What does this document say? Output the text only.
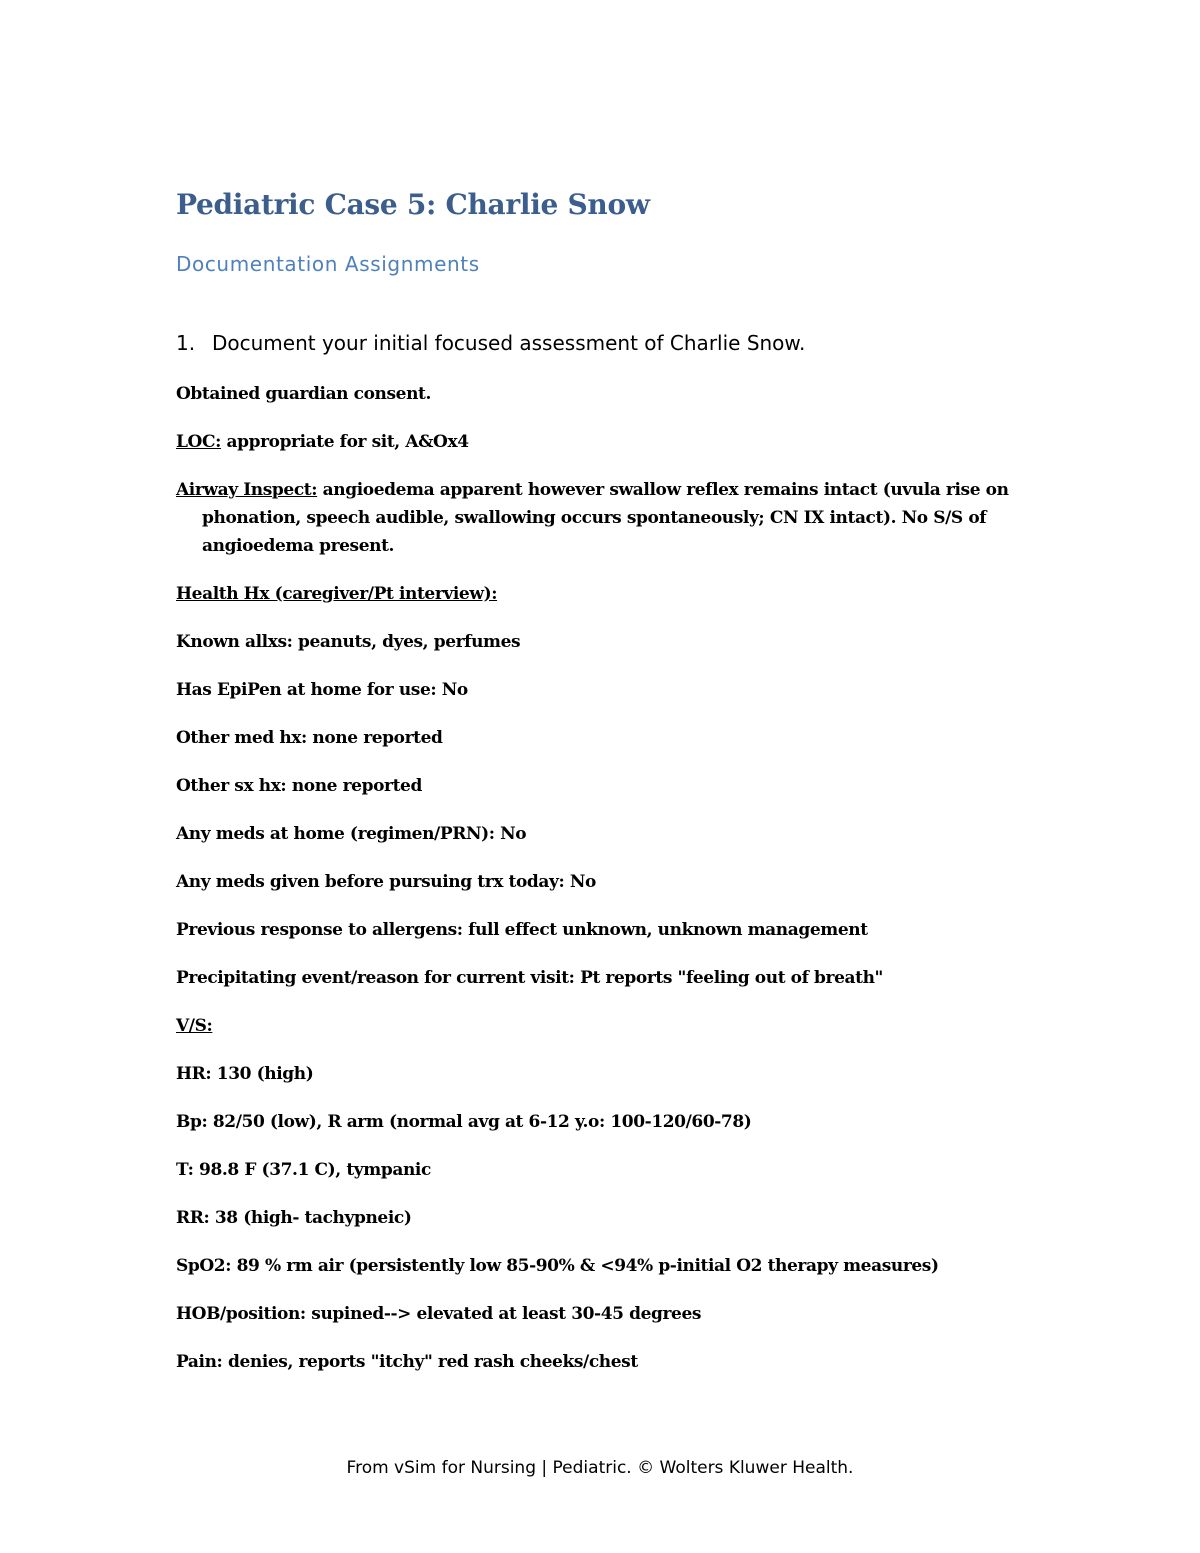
Pediatric Case 5: Charlie Snow
Documentation Assignments
1. Document your initial focused assessment of Charlie Snow.

Obtained guardian consent.

LOC: appropriate for sit, A&Ox4

Airway Inspect: angioedema apparent however swallow reflex remains intact (uvula rise on phonation, speech audible, swallowing occurs spontaneously; CN IX intact). No S/S of angioedema present.

Health Hx (caregiver/Pt interview):

Known allxs: peanuts, dyes, perfumes

Has EpiPen at home for use: No

Other med hx: none reported

Other sx hx: none reported

Any meds at home (regimen/PRN): No

Any meds given before pursuing trx today: No

Previous response to allergens: full effect unknown, unknown management

Precipitating event/reason for current visit: Pt reports "feeling out of breath"

V/S:

HR: 130 (high)

Bp: 82/50 (low), R arm (normal avg at 6-12 y.o: 100-120/60-78)

T: 98.8 F (37.1 C), tympanic

RR: 38 (high- tachypneic)

SpO2: 89 % rm air (persistently low 85-90% & <94% p-initial O2 therapy measures)

HOB/position: supined--> elevated at least 30-45 degrees

Pain: denies, reports "itchy" red rash cheeks/chest

From vSim for Nursing | Pediatric. © Wolters Kluwer Health.
